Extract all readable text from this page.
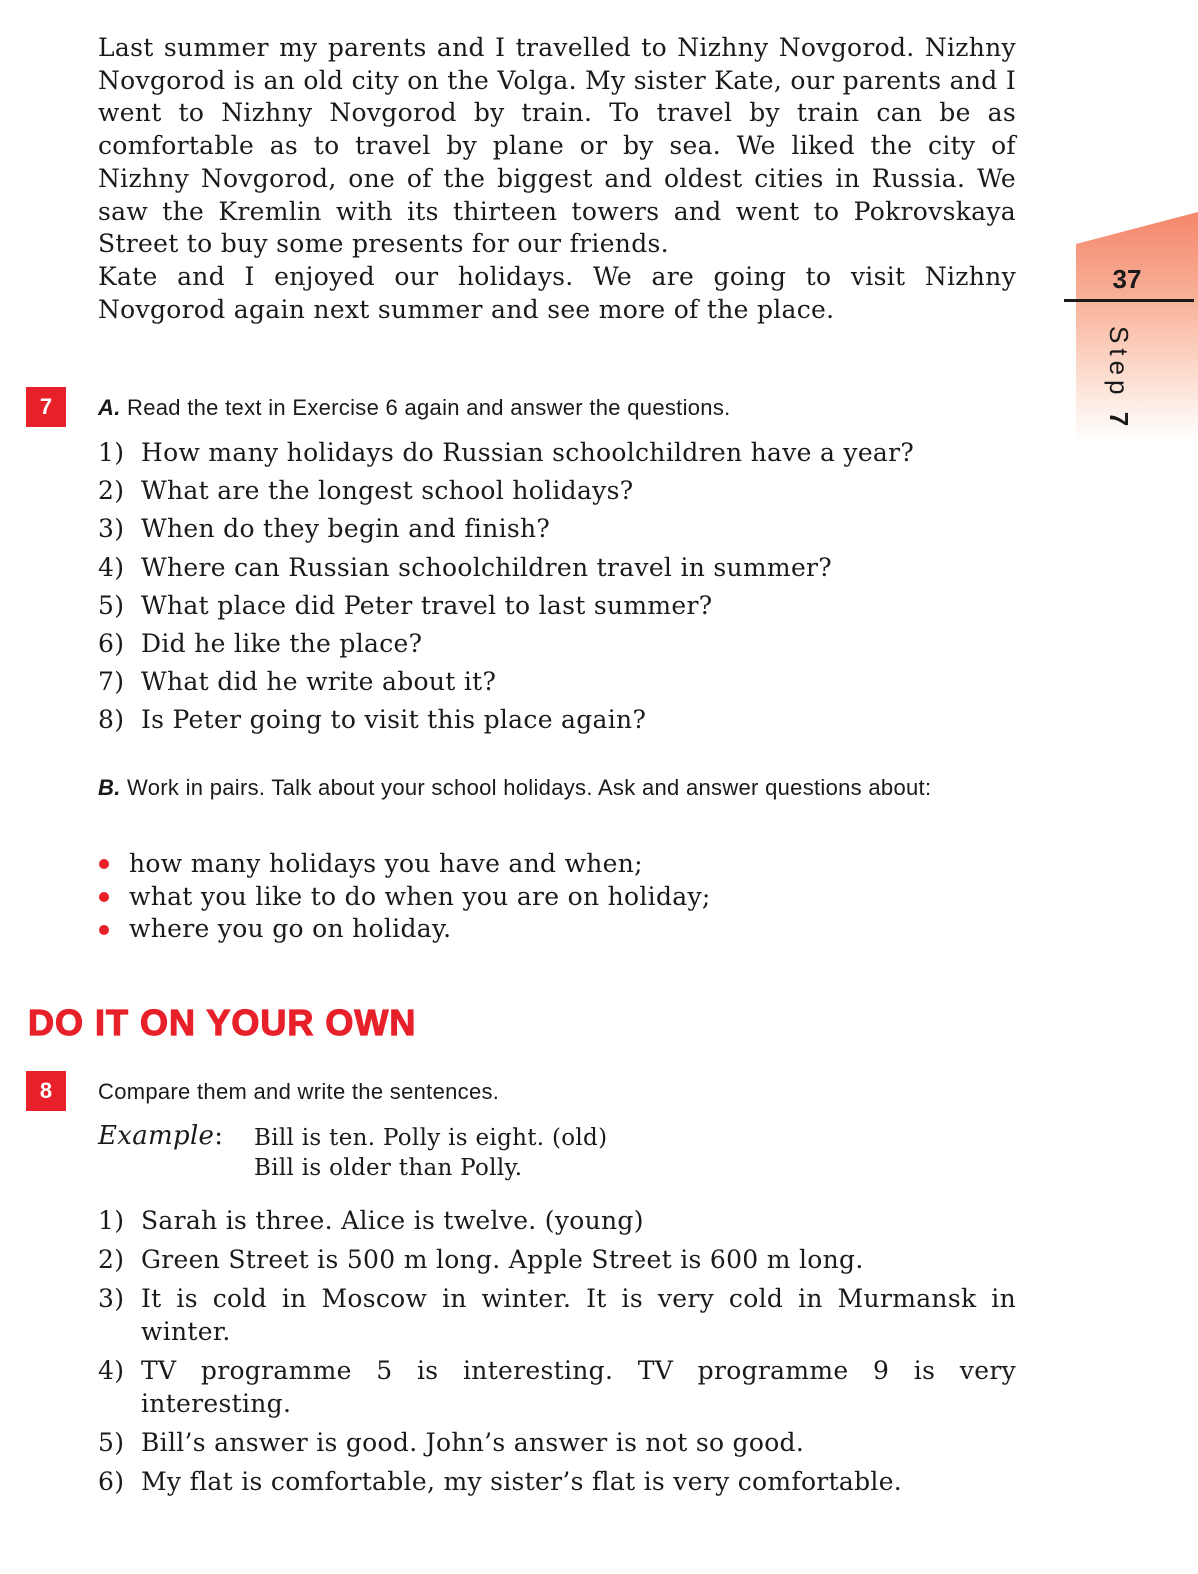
Last summer my parents and I travelled to Nizhny Novgorod. Nizhny Novgorod is an old city on the Volga. My sister Kate, our parents and I went to Nizhny Novgorod by train. To travel by train can be as comfortable as to travel by plane or by sea. We liked the city of Nizhny Novgorod, one of the biggest and oldest cities in Russia. We saw the Kremlin with its thirteen towers and went to Pokrovskaya Street to buy some presents for our friends.

Kate and I enjoyed our holidays. We are going to visit Nizhny Novgorod again next summer and see more of the place.

37
Step 7
7	A. Read the text in Exercise 6 again and answer the questions.

1) How many holidays do Russian schoolchildren have a year?
2) What are the longest school holidays?
3) When do they begin and finish?
4) Where can Russian schoolchildren travel in summer?
5) What place did Peter travel to last summer?
6) Did he like the place?
7) What did he write about it?
8) Is Peter going to visit this place again?

B. Work in pairs. Talk about your school holidays. Ask and answer questions about:

how many holidays you have and when;
what you like to do when you are on holiday;
where you go on holiday.
DO IT ON YOUR OWN
8	Compare them and write the sentences.

Example: Bill is ten. Polly is eight. (old)
Bill is older than Polly.
1) Sarah is three. Alice is twelve. (young)
2) Green Street is 500 m long. Apple Street is 600 m long.
3) It is cold in Moscow in winter. It is very cold in Murmansk in winter.
4) TV programme 5 is interesting. TV programme 9 is very interesting.
5) Bill’s answer is good. John’s answer is not so good.
6) My flat is comfortable, my sister’s flat is very comfortable.
